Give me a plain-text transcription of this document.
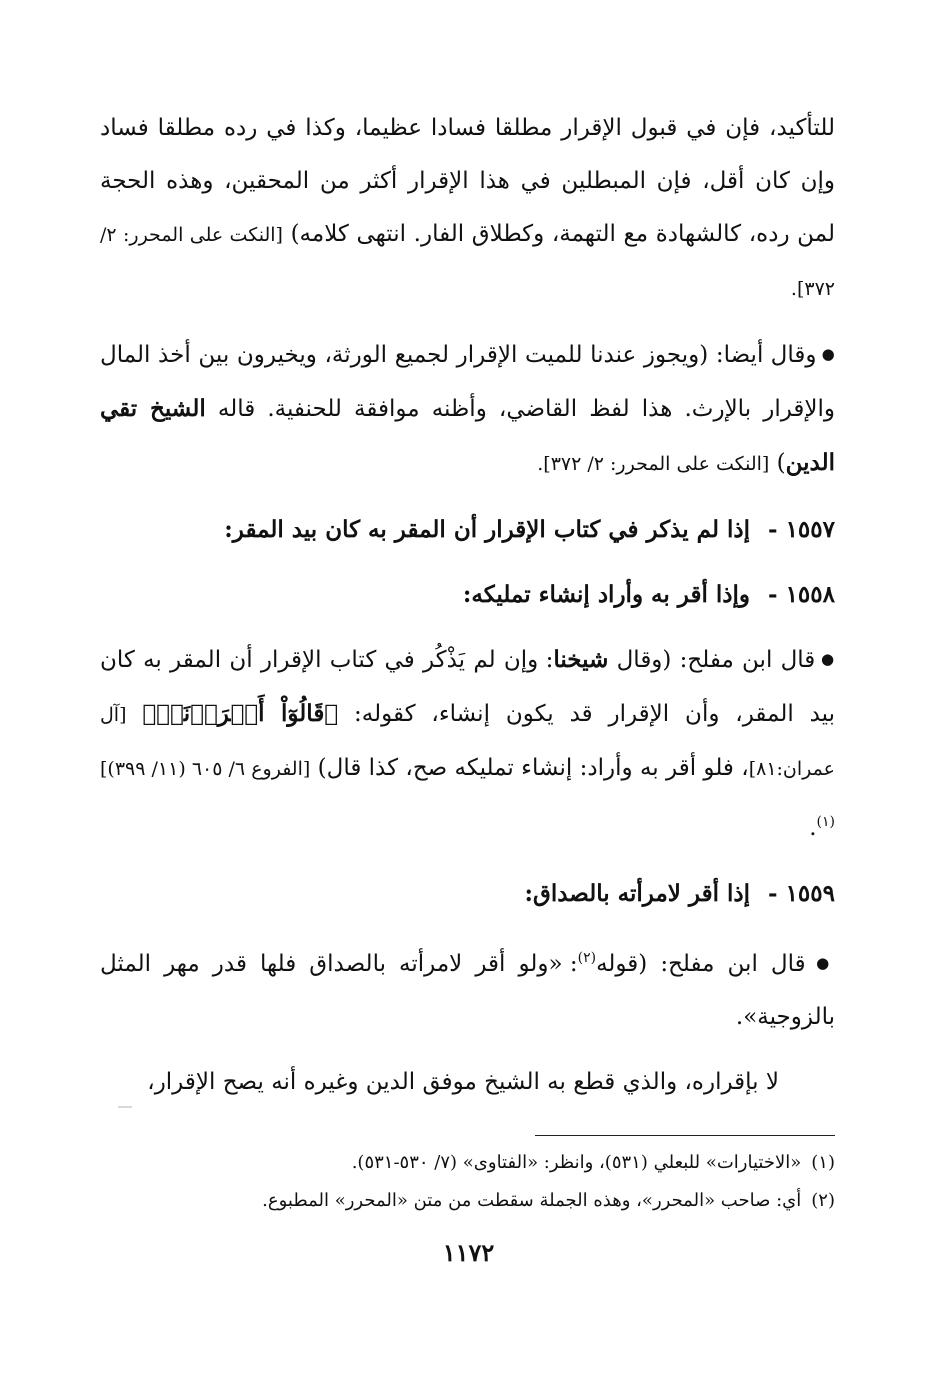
للتأكيد، فإن في قبول الإقرار مطلقا فسادا عظيما، وكذا في رده مطلقا فساد وإن كان أقل، فإن المبطلين في هذا الإقرار أكثر من المحقين، وهذه الحجة لمن رده، كالشهادة مع التهمة، وكطلاق الفار. انتهى كلامه) [النكت على المحرر: ٢/ ٣٧٢].

● وقال أيضا: (ويجوز عندنا للميت الإقرار لجميع الورثة، ويخيرون بين أخذ المال والإقرار بالإرث. هذا لفظ القاضي، وأظنه موافقة للحنفية. قاله الشيخ تقي الدين) [النكت على المحرر: ٢/ ٣٧٢].

١٥٥٧ -إذا لم يذكر في كتاب الإقرار أن المقر به كان بيد المقر:

١٥٥٨ -وإذا أقر به وأراد إنشاء تمليكه:

● قال ابن مفلح: (وقال شيخنا: وإن لم يَذْكُر في كتاب الإقرار أن المقر به كان بيد المقر، وأن الإقرار قد يكون إنشاء، كقوله: ﴿قَالُوٓاْ أَقۡرَرۡنَاۚ﴾ [آل عمران:٨١]، فلو أقر به وأراد: إنشاء تمليكه صح، كذا قال) [الفروع ٦/ ٦٠٥ (١١/ ٣٩٩)]$^{(١)}$.

١٥٥٩ -إذا أقر لامرأته بالصداق:

● قال ابن مفلح: (قوله$^{(٢)}$: «ولو أقر لامرأته بالصداق فلها قدر مهر المثل بالزوجية».

لا بإقراره، والذي قطع به الشيخ موفق الدين وغيره أنه يصح الإقرار،

(١)«الاختيارات» للبعلي (٥٣١)، وانظر: «الفتاوى» (٧/ ٥٣٠-٥٣١).

(٢)أي: صاحب «المحرر»، وهذه الجملة سقطت من متن «المحرر» المطبوع.

١١٧٢
